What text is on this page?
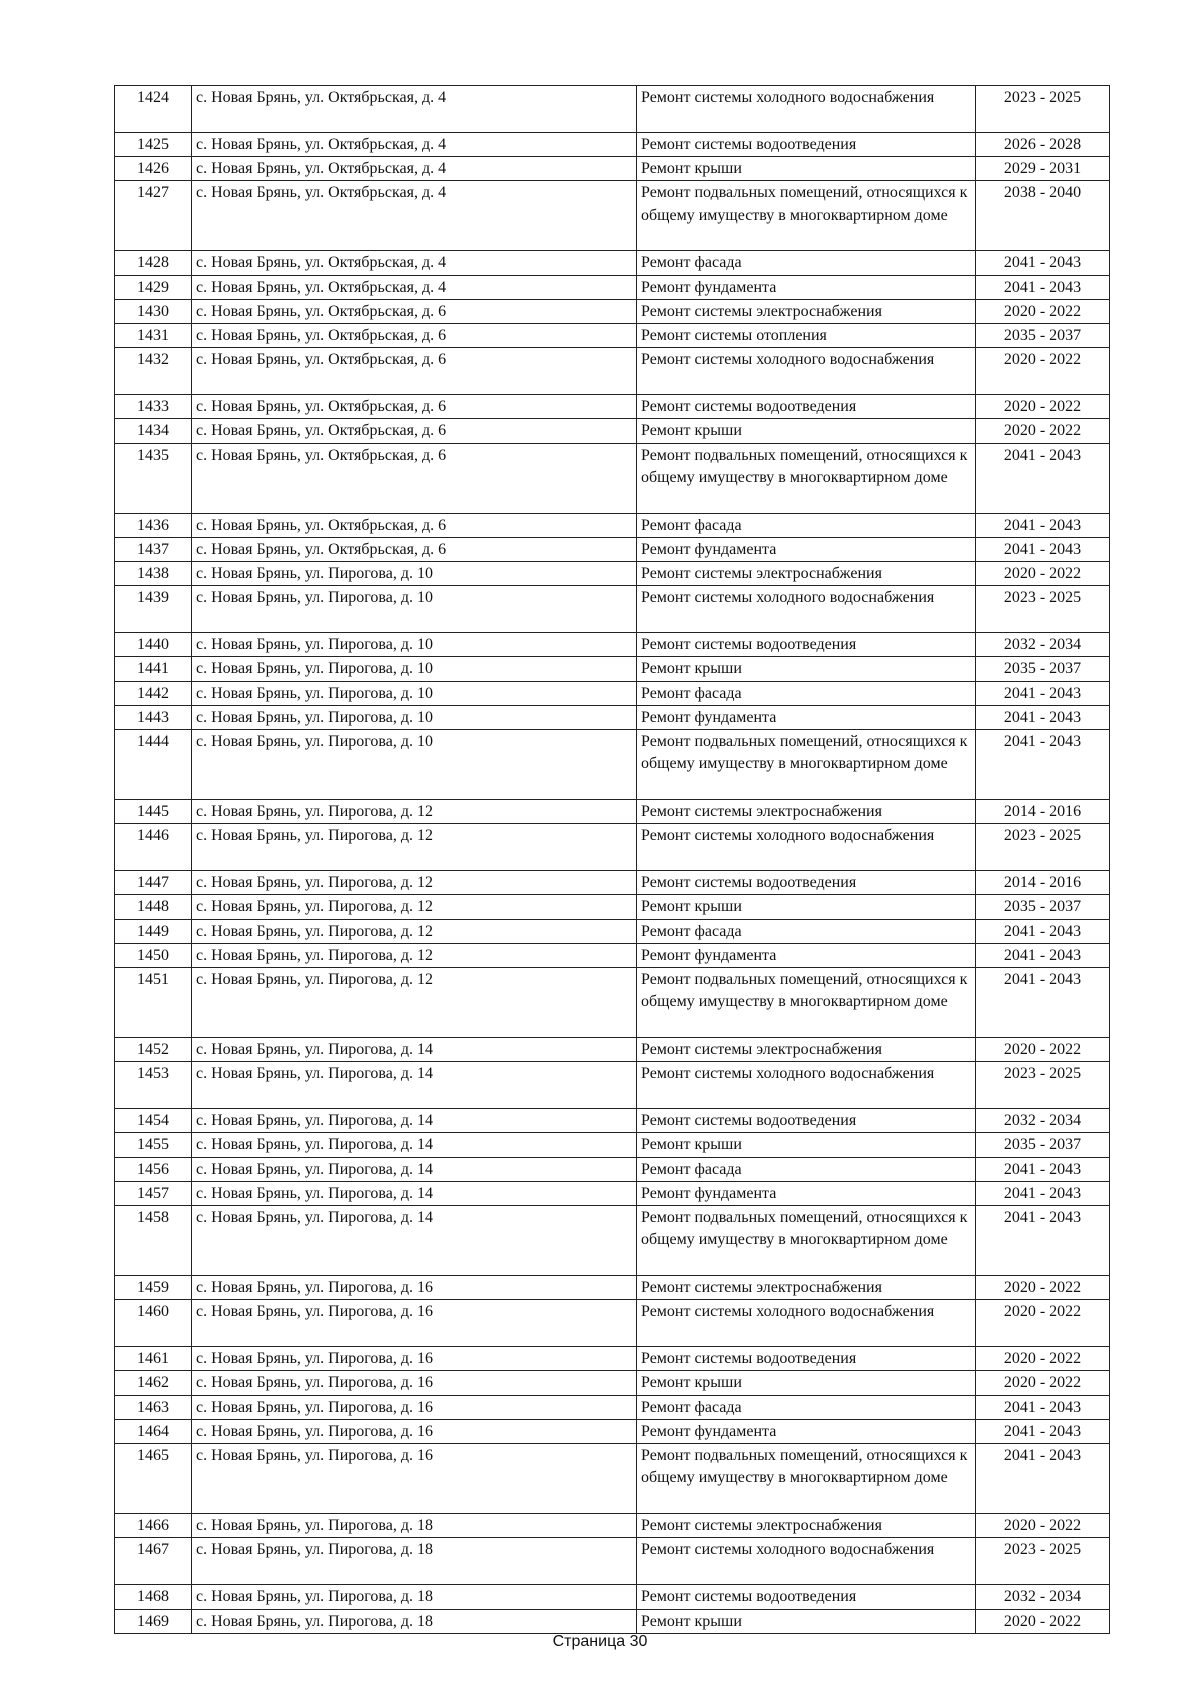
1424	с. Новая Брянь, ул. Октябрьская, д. 4	Ремонт системы холодного водоснабжения	2023 - 2025
1425	с. Новая Брянь, ул. Октябрьская, д. 4	Ремонт системы водоотведения	2026 - 2028
1426	с. Новая Брянь, ул. Октябрьская, д. 4	Ремонт крыши	2029 - 2031
1427	с. Новая Брянь, ул. Октябрьская, д. 4	Ремонт подвальных помещений, относящихся к общему имуществу в многоквартирном доме	2038 - 2040
1428	с. Новая Брянь, ул. Октябрьская, д. 4	Ремонт фасада	2041 - 2043
1429	с. Новая Брянь, ул. Октябрьская, д. 4	Ремонт фундамента	2041 - 2043
1430	с. Новая Брянь, ул. Октябрьская, д. 6	Ремонт системы электроснабжения	2020 - 2022
1431	с. Новая Брянь, ул. Октябрьская, д. 6	Ремонт системы отопления	2035 - 2037
1432	с. Новая Брянь, ул. Октябрьская, д. 6	Ремонт системы холодного водоснабжения	2020 - 2022
1433	с. Новая Брянь, ул. Октябрьская, д. 6	Ремонт системы водоотведения	2020 - 2022
1434	с. Новая Брянь, ул. Октябрьская, д. 6	Ремонт крыши	2020 - 2022
1435	с. Новая Брянь, ул. Октябрьская, д. 6	Ремонт подвальных помещений, относящихся к общему имуществу в многоквартирном доме	2041 - 2043
1436	с. Новая Брянь, ул. Октябрьская, д. 6	Ремонт фасада	2041 - 2043
1437	с. Новая Брянь, ул. Октябрьская, д. 6	Ремонт фундамента	2041 - 2043
1438	с. Новая Брянь, ул. Пирогова, д. 10	Ремонт системы электроснабжения	2020 - 2022
1439	с. Новая Брянь, ул. Пирогова, д. 10	Ремонт системы холодного водоснабжения	2023 - 2025
1440	с. Новая Брянь, ул. Пирогова, д. 10	Ремонт системы водоотведения	2032 - 2034
1441	с. Новая Брянь, ул. Пирогова, д. 10	Ремонт крыши	2035 - 2037
1442	с. Новая Брянь, ул. Пирогова, д. 10	Ремонт фасада	2041 - 2043
1443	с. Новая Брянь, ул. Пирогова, д. 10	Ремонт фундамента	2041 - 2043
1444	с. Новая Брянь, ул. Пирогова, д. 10	Ремонт подвальных помещений, относящихся к общему имуществу в многоквартирном доме	2041 - 2043
1445	с. Новая Брянь, ул. Пирогова, д. 12	Ремонт системы электроснабжения	2014 - 2016
1446	с. Новая Брянь, ул. Пирогова, д. 12	Ремонт системы холодного водоснабжения	2023 - 2025
1447	с. Новая Брянь, ул. Пирогова, д. 12	Ремонт системы водоотведения	2014 - 2016
1448	с. Новая Брянь, ул. Пирогова, д. 12	Ремонт крыши	2035 - 2037
1449	с. Новая Брянь, ул. Пирогова, д. 12	Ремонт фасада	2041 - 2043
1450	с. Новая Брянь, ул. Пирогова, д. 12	Ремонт фундамента	2041 - 2043
1451	с. Новая Брянь, ул. Пирогова, д. 12	Ремонт подвальных помещений, относящихся к общему имуществу в многоквартирном доме	2041 - 2043
1452	с. Новая Брянь, ул. Пирогова, д. 14	Ремонт системы электроснабжения	2020 - 2022
1453	с. Новая Брянь, ул. Пирогова, д. 14	Ремонт системы холодного водоснабжения	2023 - 2025
1454	с. Новая Брянь, ул. Пирогова, д. 14	Ремонт системы водоотведения	2032 - 2034
1455	с. Новая Брянь, ул. Пирогова, д. 14	Ремонт крыши	2035 - 2037
1456	с. Новая Брянь, ул. Пирогова, д. 14	Ремонт фасада	2041 - 2043
1457	с. Новая Брянь, ул. Пирогова, д. 14	Ремонт фундамента	2041 - 2043
1458	с. Новая Брянь, ул. Пирогова, д. 14	Ремонт подвальных помещений, относящихся к общему имуществу в многоквартирном доме	2041 - 2043
1459	с. Новая Брянь, ул. Пирогова, д. 16	Ремонт системы электроснабжения	2020 - 2022
1460	с. Новая Брянь, ул. Пирогова, д. 16	Ремонт системы холодного водоснабжения	2020 - 2022
1461	с. Новая Брянь, ул. Пирогова, д. 16	Ремонт системы водоотведения	2020 - 2022
1462	с. Новая Брянь, ул. Пирогова, д. 16	Ремонт крыши	2020 - 2022
1463	с. Новая Брянь, ул. Пирогова, д. 16	Ремонт фасада	2041 - 2043
1464	с. Новая Брянь, ул. Пирогова, д. 16	Ремонт фундамента	2041 - 2043
1465	с. Новая Брянь, ул. Пирогова, д. 16	Ремонт подвальных помещений, относящихся к общему имуществу в многоквартирном доме	2041 - 2043
1466	с. Новая Брянь, ул. Пирогова, д. 18	Ремонт системы электроснабжения	2020 - 2022
1467	с. Новая Брянь, ул. Пирогова, д. 18	Ремонт системы холодного водоснабжения	2023 - 2025
1468	с. Новая Брянь, ул. Пирогова, д. 18	Ремонт системы водоотведения	2032 - 2034
1469	с. Новая Брянь, ул. Пирогова, д. 18	Ремонт крыши	2020 - 2022
Страница 30
